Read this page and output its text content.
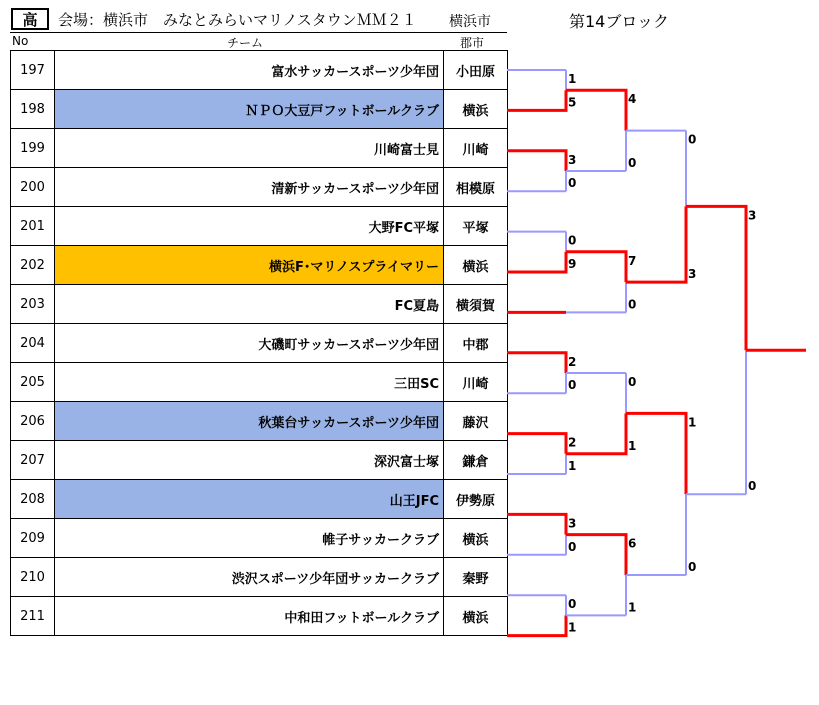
高	会場：横浜市　みなとみらいマリノスタウンＭＭ２１ 横浜市	第14ブロック
No	チーム	郡市
197	富水サッカースポーツ少年団	小田原
198	ＮＰＯ大豆戸フットボールクラブ	横浜
199	川崎富士見	川崎
200	清新サッカースポーツ少年団	相模原
201	大野FC平塚	平塚
202	横浜F･マリノスプライマリー	横浜
203	FC夏島	横須賀
204	大磯町サッカースポーツ少年団	中郡
205	三田SC	川崎
206	秋葉台サッカースポーツ少年団	藤沢
207	深沢富士塚	鎌倉
208	山王JFC	伊勢原
209	帷子サッカークラブ	横浜
210	渋沢スポーツ少年団サッカークラブ	秦野
211	中和田フットボールクラブ	横浜
1
5
3
0
0
9
2
0
2
1
3
0
0
1
4
0
7
0
0
1
6
1
0
3
1
0
3
0
